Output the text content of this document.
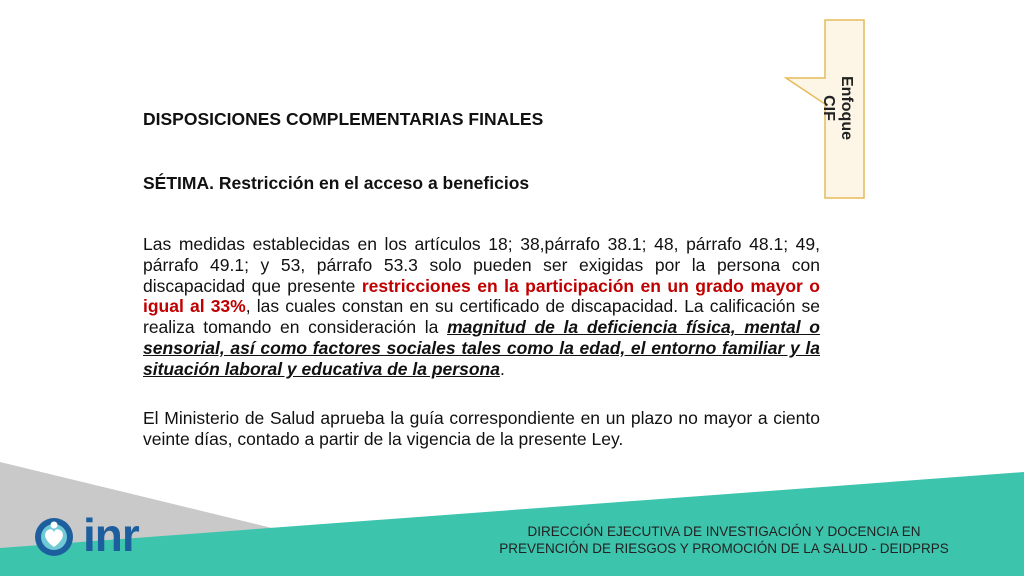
DISPOSICIONES COMPLEMENTARIAS FINALES
SÉTIMA. Restricción en el acceso a beneficios
Las medidas establecidas en los artículos 18; 38,párrafo 38.1; 48, párrafo 48.1; 49, párrafo 49.1; y 53, párrafo 53.3 solo pueden ser exigidas por la persona con discapacidad que presente restricciones en la participación en un grado mayor o igual al 33%, las cuales constan en su certificado de discapacidad. La calificación se realiza tomando en consideración la magnitud de la deficiencia física, mental o sensorial, así como factores sociales tales como la edad, el entorno familiar y la situación laboral y educativa de la persona.
El Ministerio de Salud aprueba la guía correspondiente en un plazo no mayor a ciento veinte días, contado a partir de la vigencia de la presente Ley.
Enfoque
CIF
inr	DIRECCIÓN EJECUTIVA DE INVESTIGACIÓN Y DOCENCIA EN
PREVENCIÓN DE RIESGOS Y PROMOCIÓN DE LA SALUD - DEIDPRPS
